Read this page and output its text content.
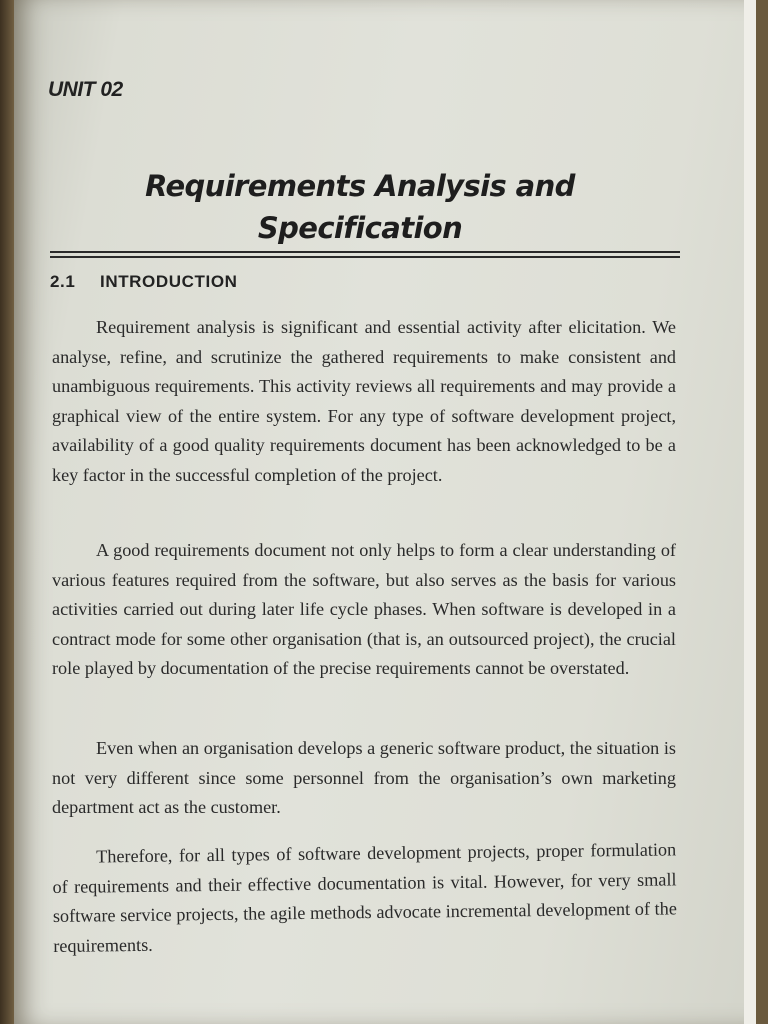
UNIT 02
Requirements Analysis and
Specification
2.1 INTRODUCTION

Requirement analysis is significant and essential activity after elicitation. We analyse, refine, and scrutinize the gathered requirements to make consistent and unambiguous requirements. This activity reviews all requirements and may provide a graphical view of the entire system. For any type of software development project, availability of a good quality requirements document has been acknowledged to be a key factor in the successful completion of the project.

A good requirements document not only helps to form a clear understanding of various features required from the software, but also serves as the basis for various activities carried out during later life cycle phases. When software is developed in a contract mode for some other organisation (that is, an outsourced project), the crucial role played by documentation of the precise requirements cannot be overstated.

Even when an organisation develops a generic software product, the situation is not very different since some personnel from the organisation’s own marketing department act as the customer.

Therefore, for all types of software development projects, proper formulation of requirements and their effective documentation is vital. However, for very small software service projects, the agile methods advocate incremental development of the requirements.
